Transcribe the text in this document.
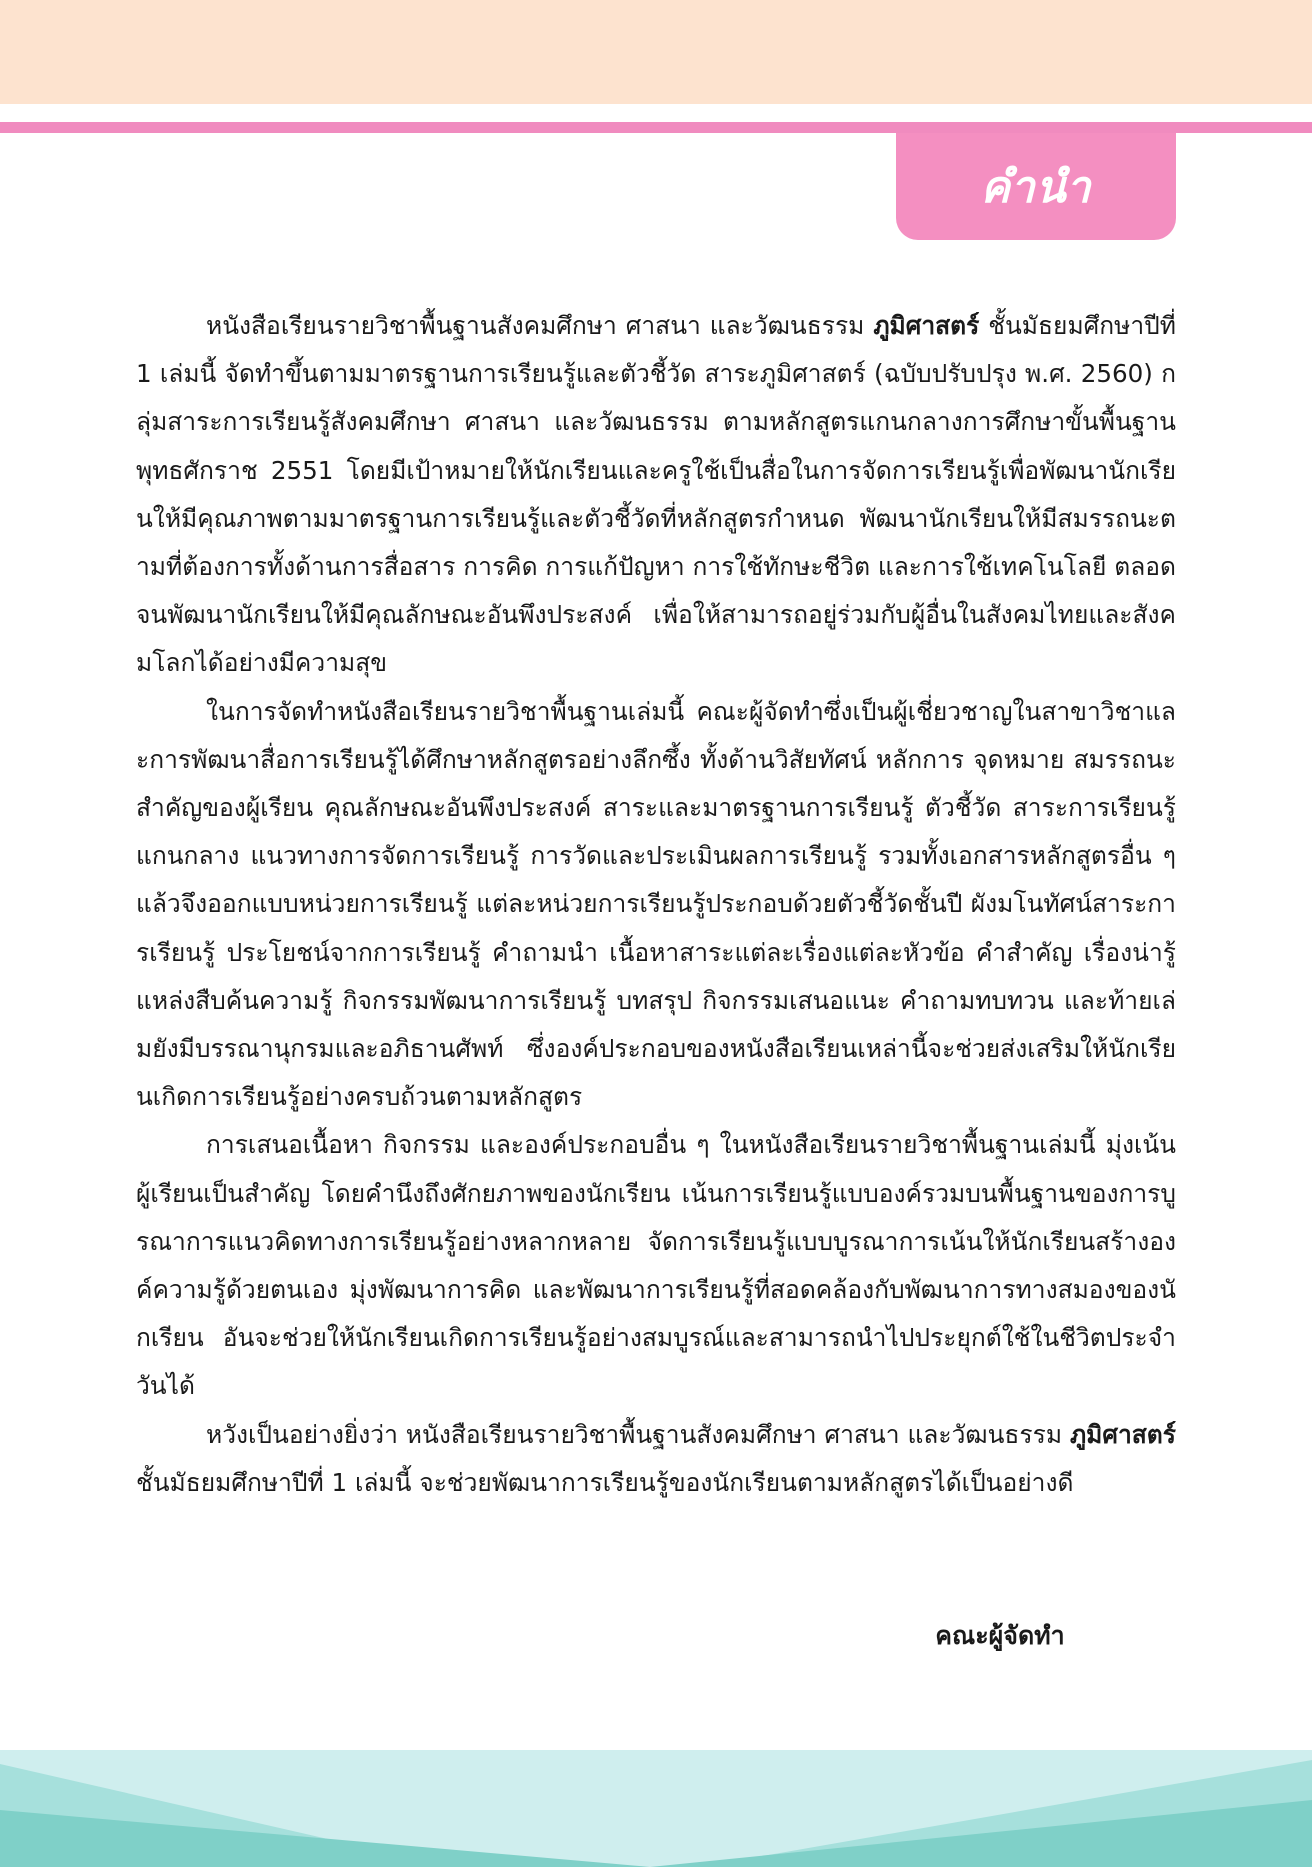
คำนำ

หนังสือเรียนรายวิชาพื้นฐานสังคมศึกษา ศาสนา และวัฒนธรรม ภูมิศาสตร์ ชั้นมัธยมศึกษาปีที่ 1 เล่มนี้ จัดทำขึ้นตามมาตรฐานการเรียนรู้และตัวชี้วัด สาระภูมิศาสตร์ (ฉบับปรับปรุง พ.ศ. 2560) กลุ่มสาระการเรียนรู้สังคมศึกษา ศาสนา และวัฒนธรรม ตามหลักสูตรแกนกลางการศึกษาขั้นพื้นฐาน พุทธศักราช 2551 โดยมีเป้าหมายให้นักเรียนและครูใช้เป็นสื่อในการจัดการเรียนรู้เพื่อพัฒนานักเรียนให้มีคุณภาพตามมาตรฐานการเรียนรู้และตัวชี้วัดที่หลักสูตรกำหนด พัฒนานักเรียนให้มีสมรรถนะตามที่ต้องการทั้งด้านการสื่อสาร การคิด การแก้ปัญหา การใช้ทักษะชีวิต และการใช้เทคโนโลยี ตลอดจนพัฒนานักเรียนให้มีคุณลักษณะอันพึงประสงค์ เพื่อให้สามารถอยู่ร่วมกับผู้อื่นในสังคมไทยและสังคมโลกได้อย่างมีความสุข

ในการจัดทำหนังสือเรียนรายวิชาพื้นฐานเล่มนี้ คณะผู้จัดทำซึ่งเป็นผู้เชี่ยวชาญในสาขาวิชาและการพัฒนาสื่อการเรียนรู้ได้ศึกษาหลักสูตรอย่างลึกซึ้ง ทั้งด้านวิสัยทัศน์ หลักการ จุดหมาย สมรรถนะสำคัญของผู้เรียน คุณลักษณะอันพึงประสงค์ สาระและมาตรฐานการเรียนรู้ ตัวชี้วัด สาระการเรียนรู้แกนกลาง แนวทางการจัดการเรียนรู้ การวัดและประเมินผลการเรียนรู้ รวมทั้งเอกสารหลักสูตรอื่น ๆ แล้วจึงออกแบบหน่วยการเรียนรู้ แต่ละหน่วยการเรียนรู้ประกอบด้วยตัวชี้วัดชั้นปี ผังมโนทัศน์สาระการเรียนรู้ ประโยชน์จากการเรียนรู้ คำถามนำ เนื้อหาสาระแต่ละเรื่องแต่ละหัวข้อ คำสำคัญ เรื่องน่ารู้ แหล่งสืบค้นความรู้ กิจกรรมพัฒนาการเรียนรู้ บทสรุป กิจกรรมเสนอแนะ คำถามทบทวน และท้ายเล่มยังมีบรรณานุกรมและอภิธานศัพท์ ซึ่งองค์ประกอบของหนังสือเรียนเหล่านี้จะช่วยส่งเสริมให้นักเรียนเกิดการเรียนรู้อย่างครบถ้วนตามหลักสูตร

การเสนอเนื้อหา กิจกรรม และองค์ประกอบอื่น ๆ ในหนังสือเรียนรายวิชาพื้นฐานเล่มนี้ มุ่งเน้นผู้เรียนเป็นสำคัญ โดยคำนึงถึงศักยภาพของนักเรียน เน้นการเรียนรู้แบบองค์รวมบนพื้นฐานของการบูรณาการแนวคิดทางการเรียนรู้อย่างหลากหลาย จัดการเรียนรู้แบบบูรณาการเน้นให้นักเรียนสร้างองค์ความรู้ด้วยตนเอง มุ่งพัฒนาการคิด และพัฒนาการเรียนรู้ที่สอดคล้องกับพัฒนาการทางสมองของนักเรียน อันจะช่วยให้นักเรียนเกิดการเรียนรู้อย่างสมบูรณ์และสามารถนำไปประยุกต์ใช้ในชีวิตประจำวันได้

หวังเป็นอย่างยิ่งว่า หนังสือเรียนรายวิชาพื้นฐานสังคมศึกษา ศาสนา และวัฒนธรรม ภูมิศาสตร์ ชั้นมัธยมศึกษาปีที่ 1 เล่มนี้ จะช่วยพัฒนาการเรียนรู้ของนักเรียนตามหลักสูตรได้เป็นอย่างดี

คณะผู้จัดทำ
